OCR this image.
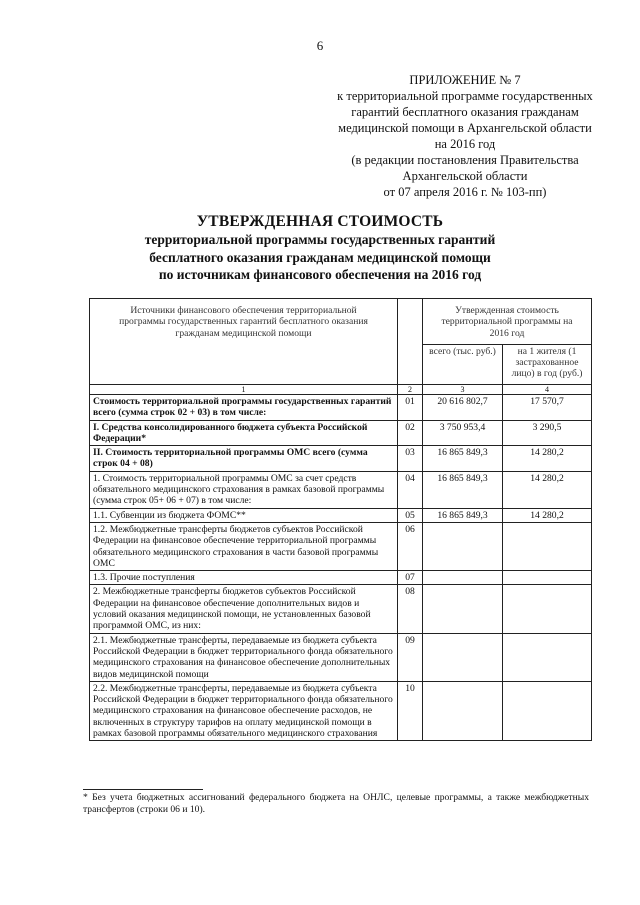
6
ПРИЛОЖЕНИЕ № 7
к территориальной программе государственных
гарантий бесплатного оказания гражданам
медицинской помощи в Архангельской области
на 2016 год
(в редакции постановления Правительства
Архангельской области
от 07 апреля 2016 г. № 103-пп)
УТВЕРЖДЕННАЯ СТОИМОСТЬ
территориальной программы государственных гарантий
бесплатного оказания гражданам медицинской помощи
по источникам финансового обеспечения на 2016 год
Источники финансового обеспечения территориальной программы государственных гарантий бесплатного оказания гражданам медицинской помощи		Утвержденная стоимость территориальной программы на 2016 год	
		всего (тыс. руб.)	на 1 жителя (1 застрахованное лицо) в год (руб.)
1	2	3	4
Стоимость территориальной программы государственных гарантий всего (сумма строк 02 + 03) в том числе:	01	20 616 802,7	17 570,7
I. Средства консолидированного бюджета субъекта Российской Федерации*	02	3 750 953,4	3 290,5
II. Стоимость территориальной программы ОМС всего (сумма строк 04 + 08)	03	16 865 849,3	14 280,2
1. Стоимость территориальной программы ОМС за счет средств обязательного медицинского страхования в рамках базовой программы (сумма строк 05+ 06 + 07) в том числе:	04	16 865 849,3	14 280,2
1.1. Субвенции из бюджета ФОМС**	05	16 865 849,3	14 280,2
1.2. Межбюджетные трансферты бюджетов субъектов Российской Федерации на финансовое обеспечение территориальной программы обязательного медицинского страхования в части базовой программы ОМС	06		
1.3. Прочие поступления	07		
2. Межбюджетные трансферты бюджетов субъектов Российской Федерации на финансовое обеспечение дополнительных видов и условий оказания медицинской помощи, не установленных базовой программой ОМС, из них:	08		
2.1. Межбюджетные трансферты, передаваемые из бюджета субъекта Российской Федерации в бюджет территориального фонда обязательного медицинского страхования на финансовое обеспечение дополнительных видов медицинской помощи	09		
2.2. Межбюджетные трансферты, передаваемые из бюджета субъекта Российской Федерации в бюджет территориального фонда обязательного медицинского страхования на финансовое обеспечение расходов, не включенных в структуру тарифов на оплату медицинской помощи в рамках базовой программы обязательного медицинского страхования	10		
* Без учета бюджетных ассигнований федерального бюджета на ОНЛС, целевые программы, а также межбюджетных трансфертов (строки 06 и 10).
